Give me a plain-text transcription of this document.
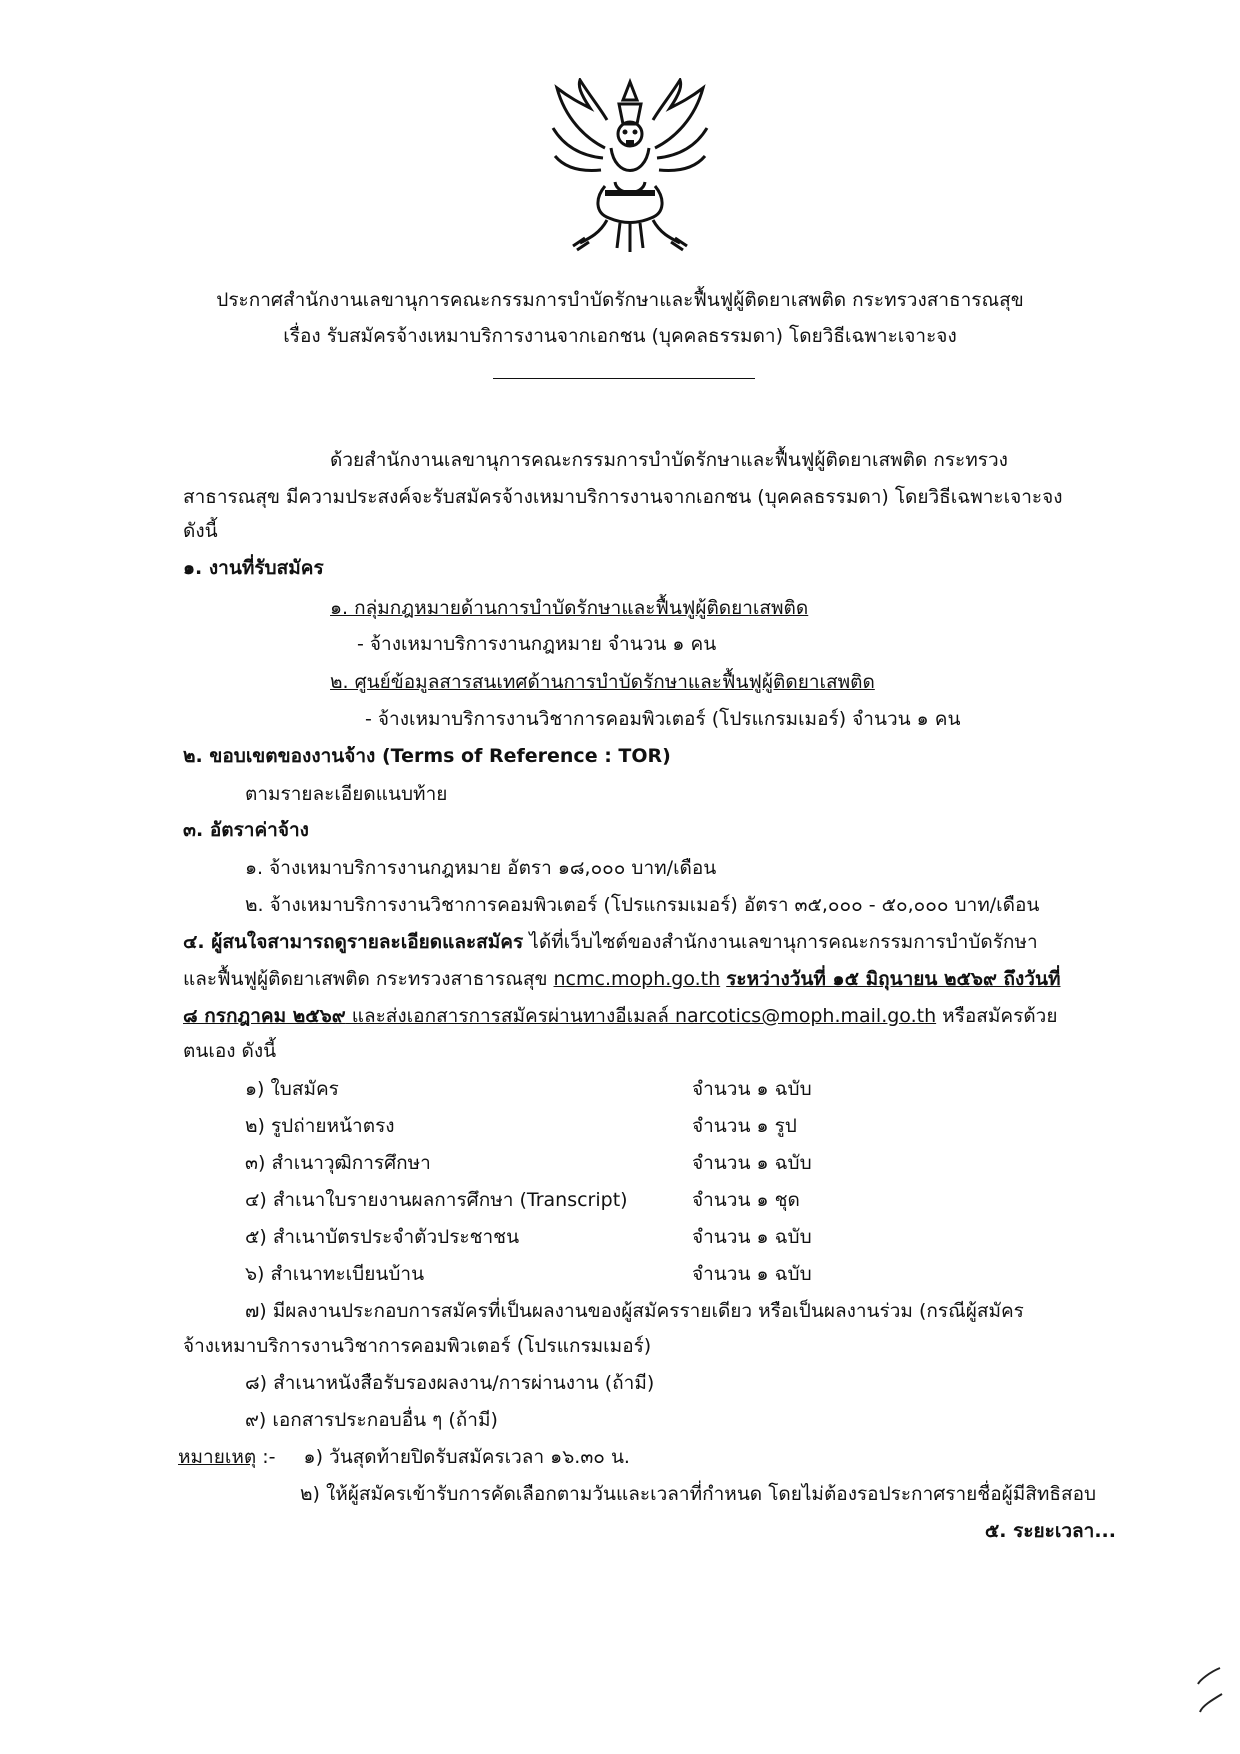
ประกาศสำนักงานเลขานุการคณะกรรมการบำบัดรักษาและฟื้นฟูผู้ติดยาเสพติด กระทรวงสาธารณสุข
เรื่อง รับสมัครจ้างเหมาบริการงานจากเอกชน (บุคคลธรรมดา) โดยวิธีเฉพาะเจาะจง
ด้วยสำนักงานเลขานุการคณะกรรมการบำบัดรักษาและฟื้นฟูผู้ติดยาเสพติด กระทรวง
สาธารณสุข มีความประสงค์จะรับสมัครจ้างเหมาบริการงานจากเอกชน (บุคคลธรรมดา) โดยวิธีเฉพาะเจาะจง
ดังนี้
๑. งานที่รับสมัคร
๑. กลุ่มกฎหมายด้านการบำบัดรักษาและฟื้นฟูผู้ติดยาเสพติด
- จ้างเหมาบริการงานกฎหมาย จำนวน ๑ คน
๒. ศูนย์ข้อมูลสารสนเทศด้านการบำบัดรักษาและฟื้นฟูผู้ติดยาเสพติด
- จ้างเหมาบริการงานวิชาการคอมพิวเตอร์ (โปรแกรมเมอร์) จำนวน ๑ คน
๒. ขอบเขตของงานจ้าง (Terms of Reference : TOR)
ตามรายละเอียดแนบท้าย
๓. อัตราค่าจ้าง
๑. จ้างเหมาบริการงานกฎหมาย อัตรา ๑๘,๐๐๐ บาท/เดือน
๒. จ้างเหมาบริการงานวิชาการคอมพิวเตอร์ (โปรแกรมเมอร์) อัตรา ๓๕,๐๐๐ - ๕๐,๐๐๐ บาท/เดือน
๔. ผู้สนใจสามารถดูรายละเอียดและสมัคร ได้ที่เว็บไซต์ของสำนักงานเลขานุการคณะกรรมการบำบัดรักษา
และฟื้นฟูผู้ติดยาเสพติด กระทรวงสาธารณสุข ncmc.moph.go.th ระหว่างวันที่ ๑๕ มิถุนายน ๒๕๖๙ ถึงวันที่
๘ กรกฎาคม ๒๕๖๙ และส่งเอกสารการสมัครผ่านทางอีเมลล์ narcotics@moph.mail.go.th หรือสมัครด้วย
ตนเอง ดังนี้
๑) ใบสมัคร	จำนวน ๑ ฉบับ
๒) รูปถ่ายหน้าตรง	จำนวน ๑ รูป
๓) สำเนาวุฒิการศึกษา	จำนวน ๑ ฉบับ
๔) สำเนาใบรายงานผลการศึกษา (Transcript)	จำนวน ๑ ชุด
๕) สำเนาบัตรประจำตัวประชาชน	จำนวน ๑ ฉบับ
๖) สำเนาทะเบียนบ้าน	จำนวน ๑ ฉบับ
๗) มีผลงานประกอบการสมัครที่เป็นผลงานของผู้สมัครรายเดียว หรือเป็นผลงานร่วม (กรณีผู้สมัคร
จ้างเหมาบริการงานวิชาการคอมพิวเตอร์ (โปรแกรมเมอร์)
๘) สำเนาหนังสือรับรองผลงาน/การผ่านงาน (ถ้ามี)
๙) เอกสารประกอบอื่น ๆ (ถ้ามี)
หมายเหตุ :- ๑) วันสุดท้ายปิดรับสมัครเวลา ๑๖.๓๐ น.
๒) ให้ผู้สมัครเข้ารับการคัดเลือกตามวันและเวลาที่กำหนด โดยไม่ต้องรอประกาศรายชื่อผู้มีสิทธิสอบ
๕. ระยะเวลา...
